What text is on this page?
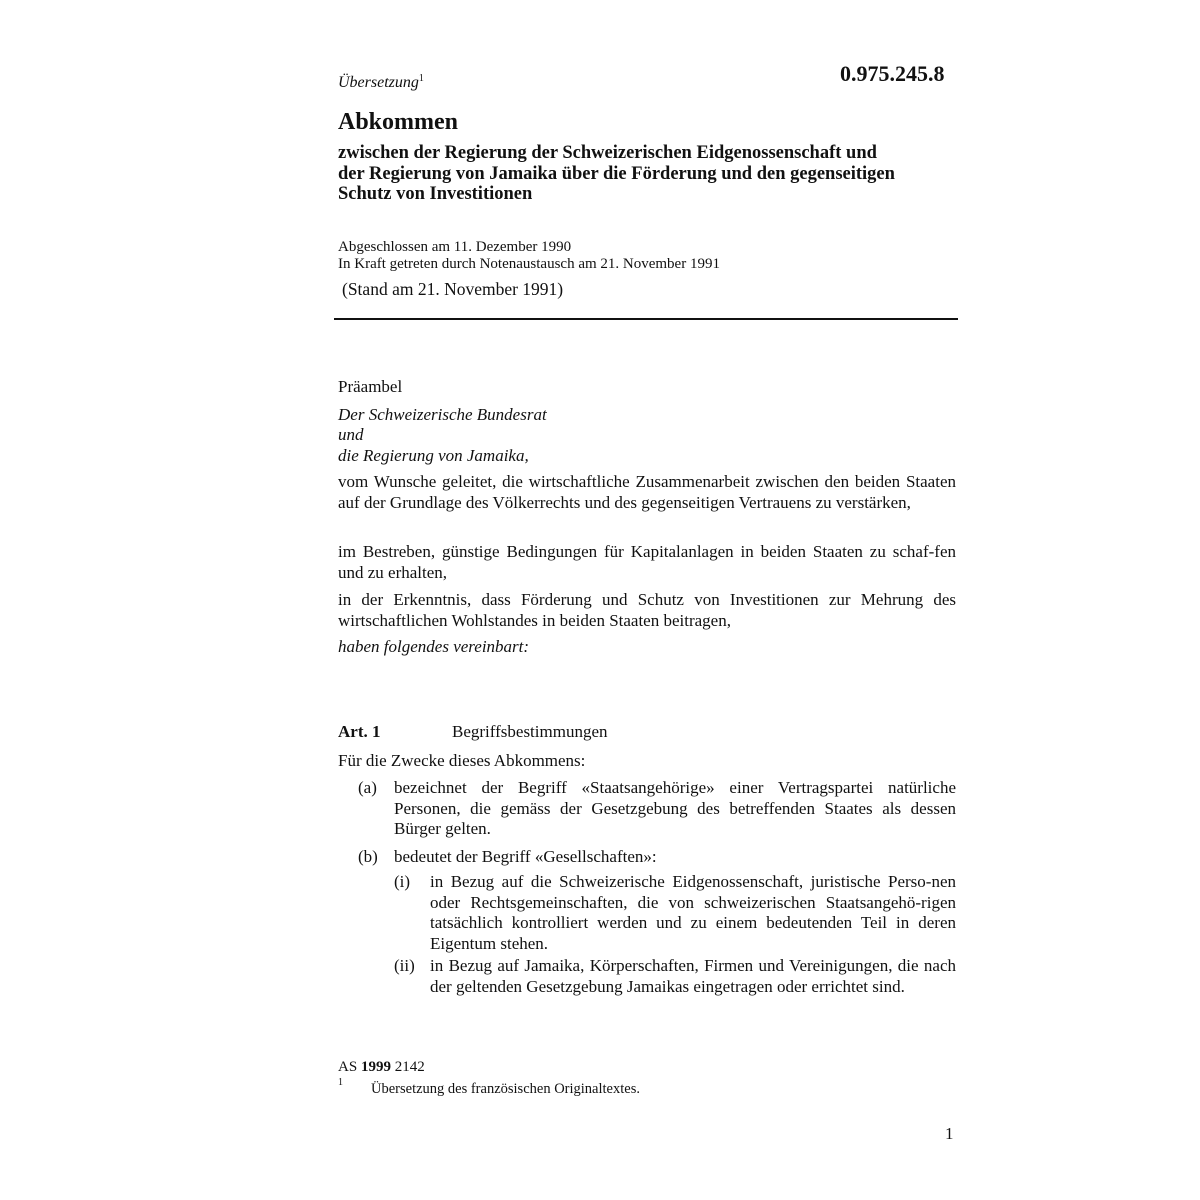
Übersetzung$^1$	0.975.245.8
Abkommen
zwischen der Regierung der Schweizerischen Eidgenossenschaft und
der Regierung von Jamaika über die Förderung und den gegenseitigen
Schutz von Investitionen
Abgeschlossen am 11. Dezember 1990
In Kraft getreten durch Notenaustausch am 21. November 1991
(Stand am 21. November 1991)
Präambel
Der Schweizerische Bundesrat
und
die Regierung von Jamaika,
vom Wunsche geleitet, die wirtschaftliche Zusammenarbeit zwischen den beiden Staaten auf der Grundlage des Völkerrechts und des gegenseitigen Vertrauens zu verstärken,
im Bestreben, günstige Bedingungen für Kapitalanlagen in beiden Staaten zu schaf-fen und zu erhalten,
in der Erkenntnis, dass Förderung und Schutz von Investitionen zur Mehrung des wirtschaftlichen Wohlstandes in beiden Staaten beitragen,
haben folgendes vereinbart:
Art. 1	Begriffsbestimmungen
Für die Zwecke dieses Abkommens:
(a) bezeichnet der Begriff «Staatsangehörige» einer Vertragspartei natürliche Personen, die gemäss der Gesetzgebung des betreffenden Staates als dessen Bürger gelten.
(b) bedeutet der Begriff «Gesellschaften»:
(i) in Bezug auf die Schweizerische Eidgenossenschaft, juristische Perso-nen oder Rechtsgemeinschaften, die von schweizerischen Staatsangehö-rigen tatsächlich kontrolliert werden und zu einem bedeutenden Teil in deren Eigentum stehen.
(ii) in Bezug auf Jamaika, Körperschaften, Firmen und Vereinigungen, die nach der geltenden Gesetzgebung Jamaikas eingetragen oder errichtet sind.
AS 1999 2142
1 Übersetzung des französischen Originaltextes.
1
